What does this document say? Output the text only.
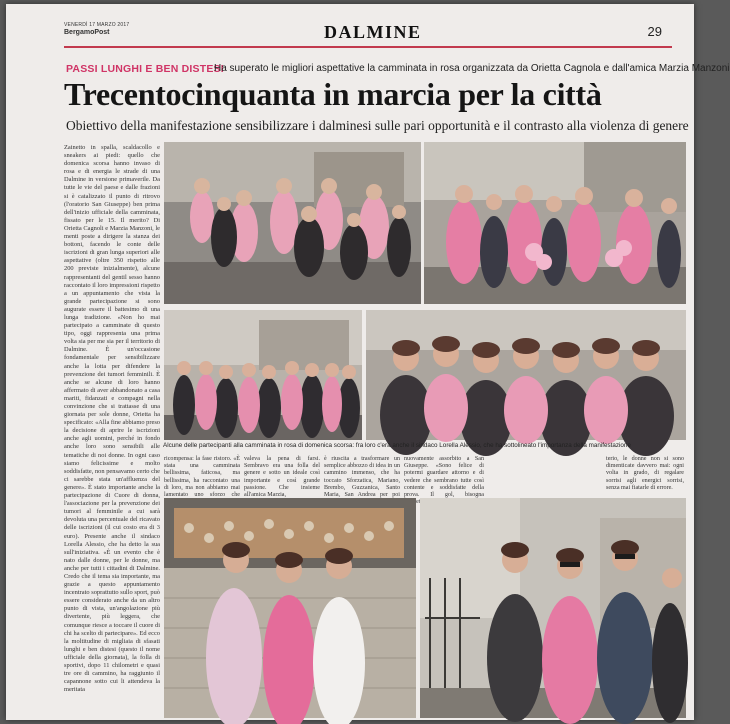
VENERDÌ 17 MARZO 2017
BergamoPost	DALMINE	29
PASSI LUNGHI E BEN DISTESI
Ha superato le migliori aspettative la camminata in rosa organizzata da Orietta Cagnola e dall'amica Marzia Manzoni
Trecentocinquanta in marcia per la città
Obiettivo della manifestazione sensibilizzare i dalminesi sulle pari opportunità e il contrasto alla violenza di genere
Zainetto in spalla, scaldacollo e sneakers ai piedi: quello che domenica scorsa hanno invaso di rosa e di energia le strade di una Dalmine in versione primaverile. Da tutte le vie del paese e dalle frazioni si è catalizzato il punto di ritrovo (l'oratorio San Giuseppe) ben prima dell'inizio ufficiale della camminata, fissato per le 15. Il merito? Di Orietta Cagnoli e Marzia Manzoni, le menti poste a dirigere la stanza dei bottoni, facendo le conte delle iscrizioni di gran lunga superiori alle aspettative (oltre 350 rispetto alle 200 previste inizialmente), alcune rappresentanti del gentil sesso hanno raccontato il loro impressioni rispetto a un appuntamento che vista la grande partecipazione si sono augurate essere il battesimo di una lunga tradizione. «Non ho mai partecipato a camminate di questo tipo, oggi rappresenta una prima volta sia per me sia per il territorio di Dalmine. È un'occasione fondamentale per sensibilizzare anche la lotta per difendere la prevenzione dei tumori femminili. È anche se alcune di loro hanno affermato di aver abbandonato a casa mariti, fidanzati e compagni nella convinzione che si trattasse di una giornata per sole donne, Orietta ha specificato: «Alla fine abbiamo preso la decisione di aprire le iscrizioni anche agli uomini, perché in fondo anche loro sono sensibili alle tematiche di noi donne. In ogni caso siamo felicissime e molto soddisfatte, non pensavamo certo che ci sarebbe stata un'affluenza del genere». È stato importante anche la partecipazione di Cuore di donna, l'associazione per la prevenzione dei tumori al femminile a cui sarà devoluta una percentuale del ricavato delle iscrizioni (il cui costo era di 3 euro). Presente anche il sindaco Lorella Alessio, che ha detto la sua sull'iniziativa. «È un evento che è nato dalle donne, per le donne, ma anche per tutti i cittadini di Dalmine. Credo che il tema sia importante, ma grazie a questo appuntamento incentrato soprattutto sullo sport, può essere considerato anche da un altro punto di vista, un'angolazione più divertente, più leggera, che comunque riesce a toccare il cuore di chi ha scelto di partecipare». Ed ecco la moltitudine di migliaia di sfasati lunghi e ben distesi (questo il nome ufficiale della giornata), la folla di sportivi, dopo 11 chilometri e quasi tre ore di cammino, ha raggiunto il capannone sotto cui li attendeva la meritata
Alcune delle partecipanti alla camminata in rosa di domenica scorsa: fra loro c'era anche il sindaco Lorella Alessio, che ha sottolineato l'importanza della manifestazione
ricompensa: la fase ristoro. «È stata una camminata bellissima, faticosa, ma bellissima, ha raccontato una di loro, ma non abbiamo mai lamentato uno sforzo che
valeva la pena di farsi. Sembravo era una folla del genere e sotto un ideale così importante e così grande passione. Che insieme all'amica Marzia,
è riuscita a trasformare un semplice abbozzo di idea in un cammino immenso, che ha toccato Sforzatica, Mariano, Brembo, Guzzanica, Santo Maria, San Andrea per poi
nuovamente assorbito a San Giuseppe. «Sono felice di potermi guardare attorno e di vedere che sembrano tutte così contente e soddisfatte della prova. Il gol, bisogna
terio, le donne non si sono dimenticate davvero mai: ogni volta in grado, di regalare sorrisi agli energici sorrisi, senza mai fiatarle di errore.
